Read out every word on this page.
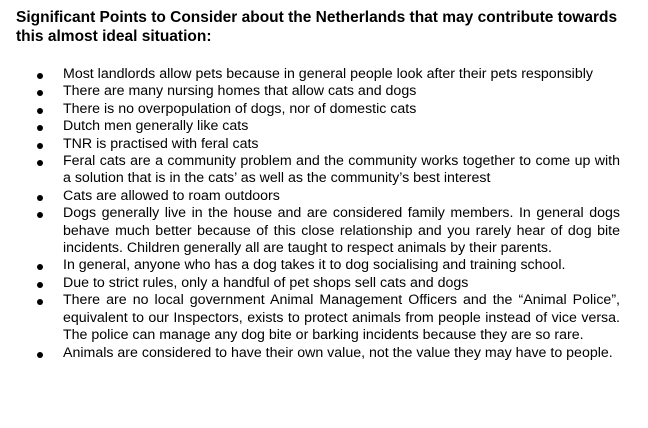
Significant Points to Consider about the Netherlands that may contribute towards this almost ideal situation:

Most landlords allow pets because in general people look after their pets responsibly
There are many nursing homes that allow cats and dogs
There is no overpopulation of dogs, nor of domestic cats
Dutch men generally like cats
TNR is practised with feral cats
Feral cats are a community problem and the community works together to come up with a solution that is in the cats’ as well as the community’s best interest
Cats are allowed to roam outdoors
Dogs generally live in the house and are considered family members. In general dogs behave much better because of this close relationship and you rarely hear of dog bite incidents. Children generally all are taught to respect animals by their parents.
In general, anyone who has a dog takes it to dog socialising and training school.
Due to strict rules, only a handful of pet shops sell cats and dogs
There are no local government Animal Management Officers and the “Animal Police”, equivalent to our Inspectors, exists to protect animals from people instead of vice versa. The police can manage any dog bite or barking incidents because they are so rare.
Animals are considered to have their own value, not the value they may have to people.
